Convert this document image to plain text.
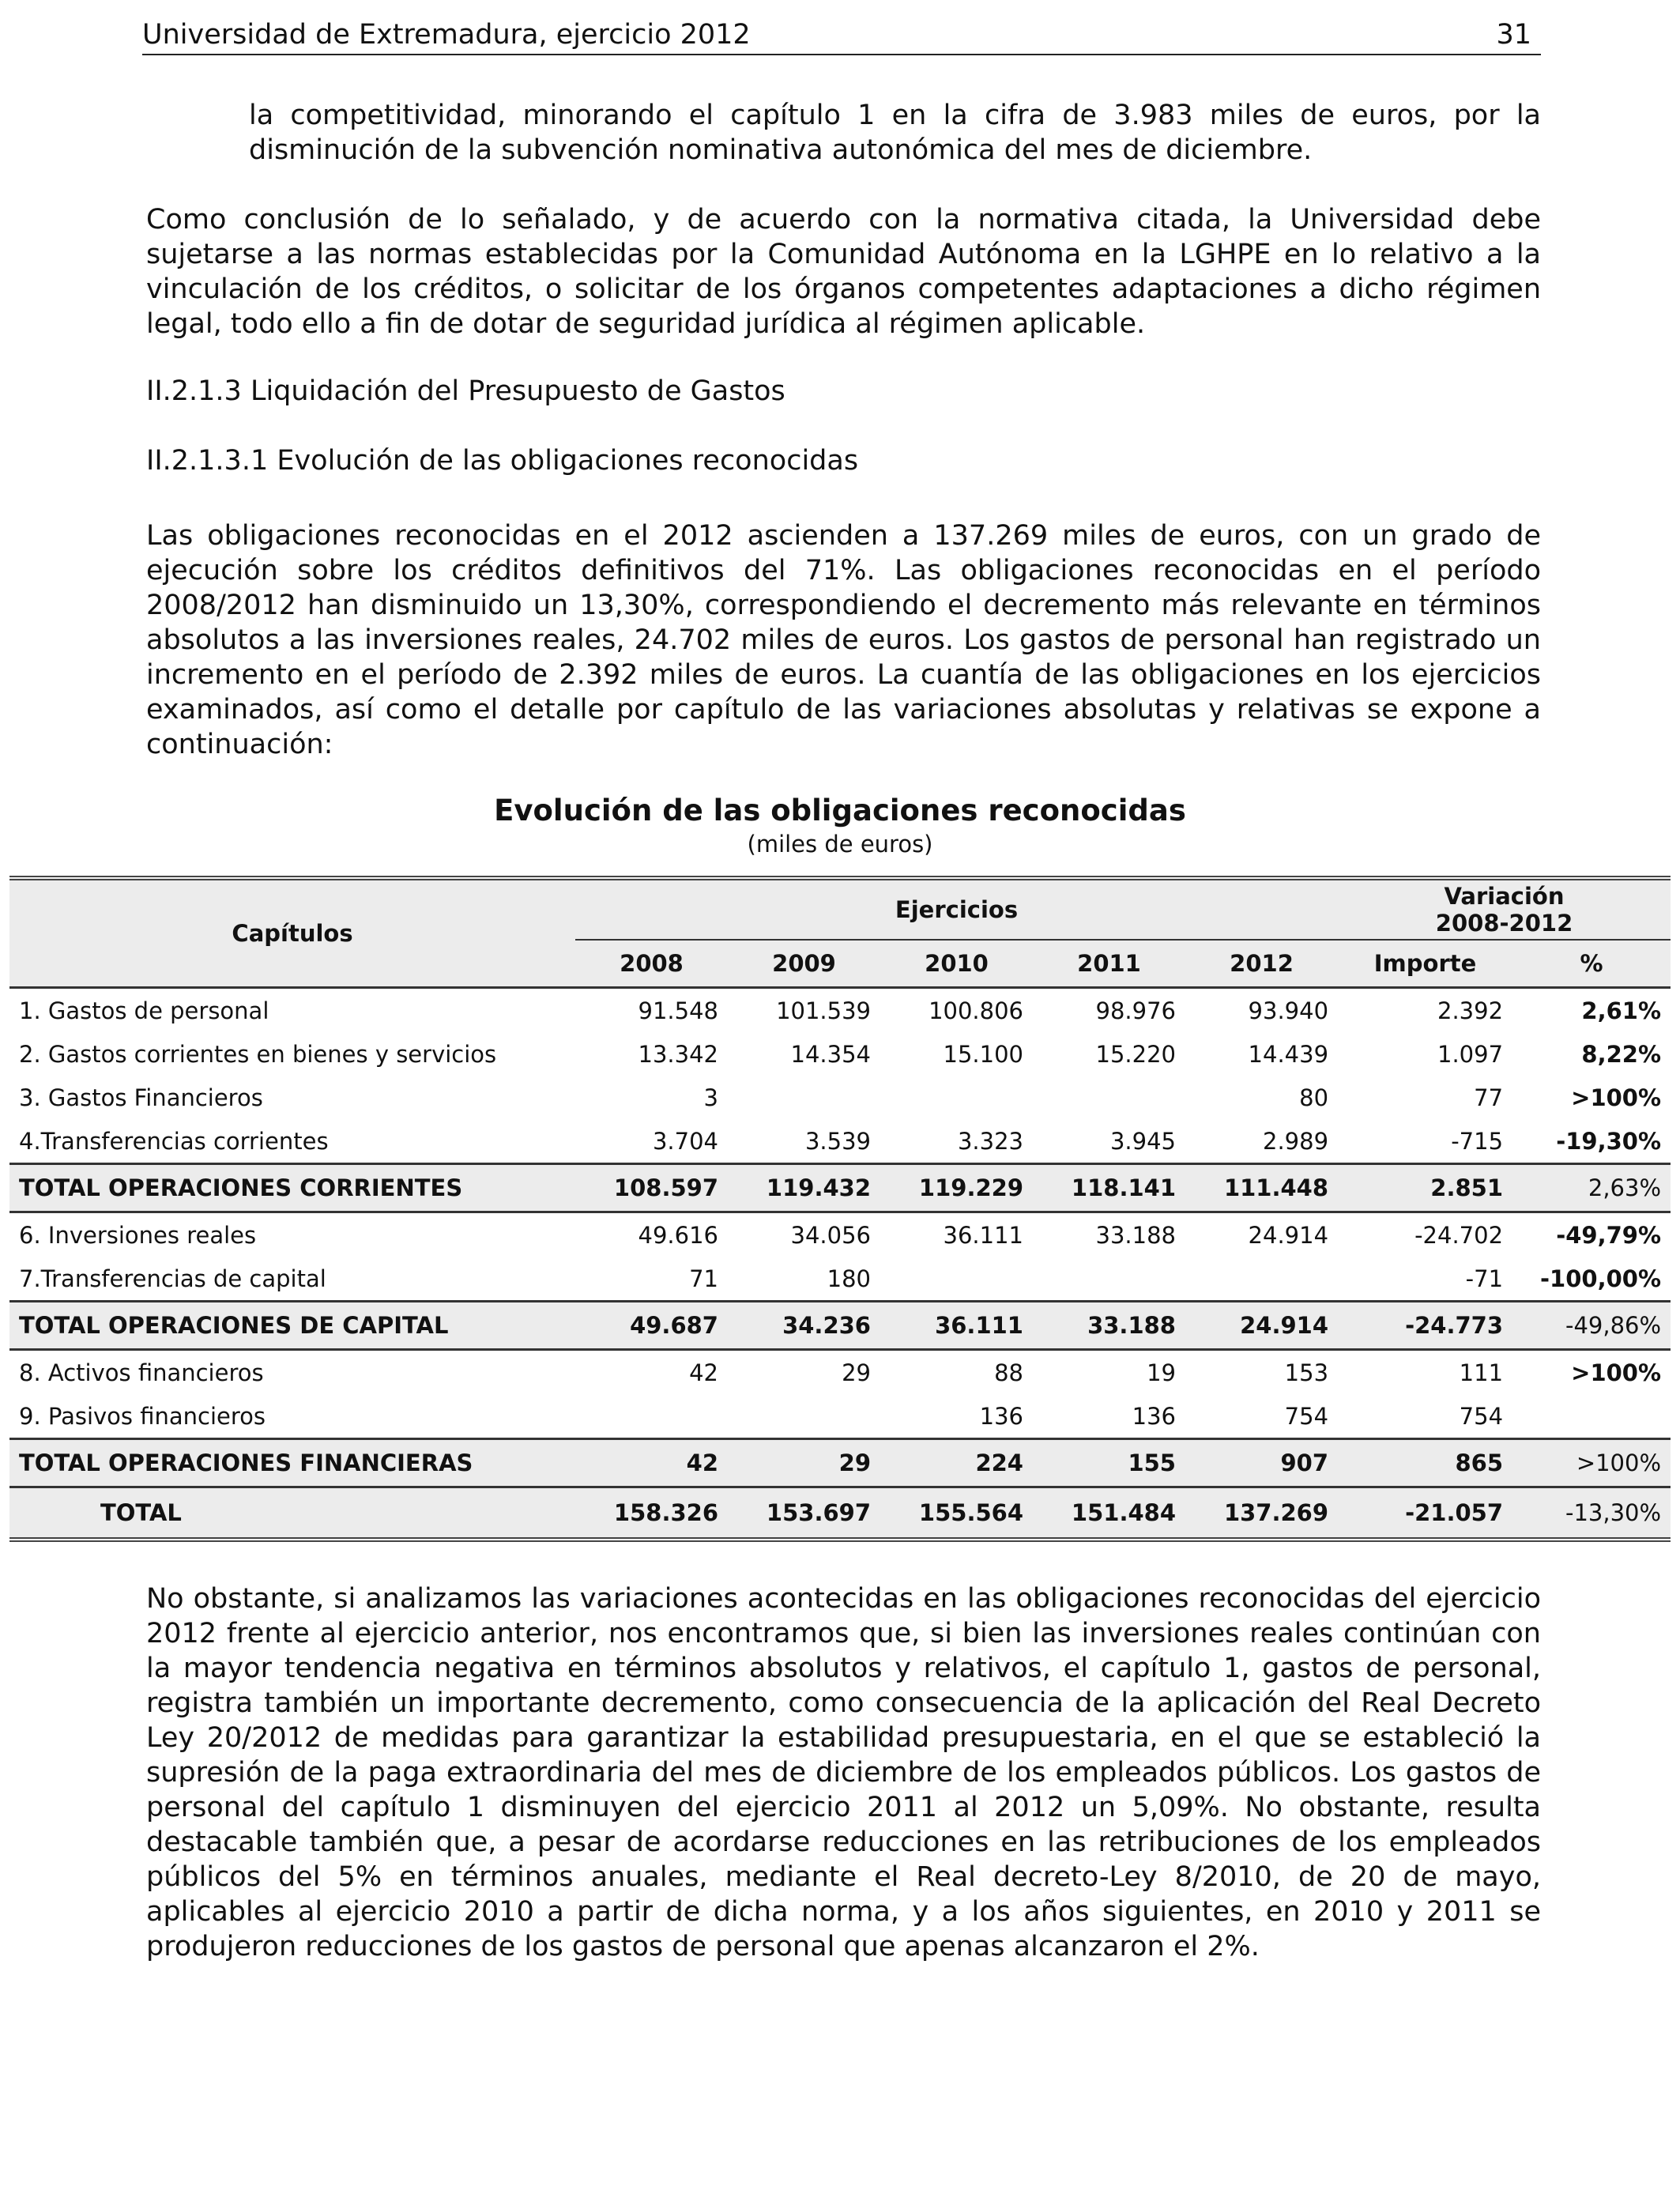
Universidad de Extremadura, ejercicio 2012	31

la competitividad, minorando el capítulo 1 en la cifra de 3.983 miles de euros, por la disminución de la subvención nominativa autonómica del mes de diciembre.

Como conclusión de lo señalado, y de acuerdo con la normativa citada, la Universidad debe sujetarse a las normas establecidas por la Comunidad Autónoma en la LGHPE en lo relativo a la vinculación de los créditos, o solicitar de los órganos competentes adaptaciones a dicho régimen legal, todo ello a fin de dotar de seguridad jurídica al régimen aplicable.

II.2.1.3 Liquidación del Presupuesto de Gastos

II.2.1.3.1 Evolución de las obligaciones reconocidas

Las obligaciones reconocidas en el 2012 ascienden a 137.269 miles de euros, con un grado de ejecución sobre los créditos definitivos del 71%. Las obligaciones reconocidas en el período 2008/2012 han disminuido un 13,30%, correspondiendo el decremento más relevante en términos absolutos a las inversiones reales, 24.702 miles de euros. Los gastos de personal han registrado un incremento en el período de 2.392 miles de euros. La cuantía de las obligaciones en los ejercicios examinados, así como el detalle por capítulo de las variaciones absolutas y relativas se expone a continuación:

Evolución de las obligaciones reconocidas

(miles de euros)

Capítulos	Ejercicios					Variación
2008-2012	

	2008	2009	2010	2011	2012	Importe	%
1. Gastos de personal	91.548	101.539	100.806	98.976	93.940	2.392	2,61%
2. Gastos corrientes en bienes y servicios	13.342	14.354	15.100	15.220	14.439	1.097	8,22%
3. Gastos Financieros	3				80	77	>100%
4.Transferencias corrientes	3.704	3.539	3.323	3.945	2.989	-715	-19,30%
TOTAL OPERACIONES CORRIENTES	108.597	119.432	119.229	118.141	111.448	2.851	2,63%
6. Inversiones reales	49.616	34.056	36.111	33.188	24.914	-24.702	-49,79%
7.Transferencias de capital	71	180				-71	-100,00%
TOTAL OPERACIONES DE CAPITAL	49.687	34.236	36.111	33.188	24.914	-24.773	-49,86%
8. Activos financieros	42	29	88	19	153	111	>100%
9. Pasivos financieros			136	136	754	754	
TOTAL OPERACIONES FINANCIERAS	42	29	224	155	907	865	>100%
TOTAL	158.326	153.697	155.564	151.484	137.269	-21.057	-13,30%

No obstante, si analizamos las variaciones acontecidas en las obligaciones reconocidas del ejercicio 2012 frente al ejercicio anterior, nos encontramos que, si bien las inversiones reales continúan con la mayor tendencia negativa en términos absolutos y relativos, el capítulo 1, gastos de personal, registra también un importante decremento, como consecuencia de la aplicación del Real Decreto Ley 20/2012 de medidas para garantizar la estabilidad presupuestaria, en el que se estableció la supresión de la paga extraordinaria del mes de diciembre de los empleados públicos. Los gastos de personal del capítulo 1 disminuyen del ejercicio 2011 al 2012 un 5,09%. No obstante, resulta destacable también que, a pesar de acordarse reducciones en las retribuciones de los empleados públicos del 5% en términos anuales, mediante el Real decreto-Ley 8/2010, de 20 de mayo, aplicables al ejercicio 2010 a partir de dicha norma, y a los años siguientes, en 2010 y 2011 se produjeron reducciones de los gastos de personal que apenas alcanzaron el 2%.
